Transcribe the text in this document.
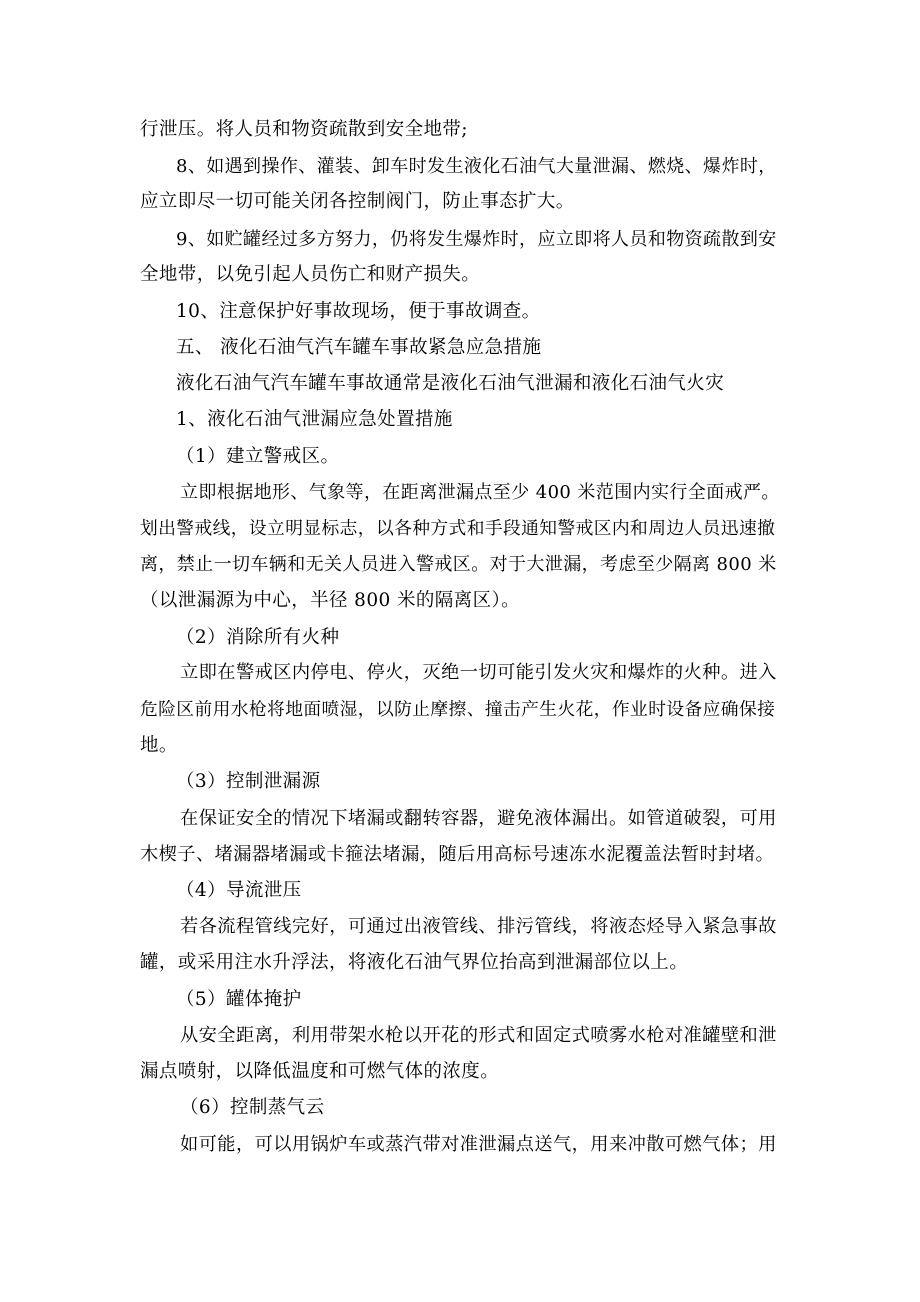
行泄压。将人员和物资疏散到安全地带;
8、如遇到操作、灌装、卸车时发生液化石油气大量泄漏、燃烧、爆炸时，
应立即尽一切可能关闭各控制阀门，防止事态扩大。
9、如贮罐经过多方努力，仍将发生爆炸时，应立即将人员和物资疏散到安
全地带，以免引起人员伤亡和财产损失。
10、注意保护好事故现场，便于事故调查。
五、 液化石油气汽车罐车事故紧急应急措施
液化石油气汽车罐车事故通常是液化石油气泄漏和液化石油气火灾
1、液化石油气泄漏应急处置措施
（1）建立警戒区。
立即根据地形、气象等，在距离泄漏点至少 400 米范围内实行全面戒严。
划出警戒线，设立明显标志，以各种方式和手段通知警戒区内和周边人员迅速撤
离，禁止一切车辆和无关人员进入警戒区。对于大泄漏，考虑至少隔离 800 米
（以泄漏源为中心，半径 800 米的隔离区）。
（2）消除所有火种
立即在警戒区内停电、停火，灭绝一切可能引发火灾和爆炸的火种。进入
危险区前用水枪将地面喷湿，以防止摩擦、撞击产生火花，作业时设备应确保接
地。
（3）控制泄漏源
在保证安全的情况下堵漏或翻转容器，避免液体漏出。如管道破裂，可用
木楔子、堵漏器堵漏或卡箍法堵漏，随后用高标号速冻水泥覆盖法暂时封堵。
（4）导流泄压
若各流程管线完好，可通过出液管线、排污管线，将液态烃导入紧急事故
罐，或采用注水升浮法，将液化石油气界位抬高到泄漏部位以上。
（5）罐体掩护
从安全距离，利用带架水枪以开花的形式和固定式喷雾水枪对准罐壁和泄
漏点喷射，以降低温度和可燃气体的浓度。
（6）控制蒸气云
如可能，可以用锅炉车或蒸汽带对准泄漏点送气，用来冲散可燃气体；用
